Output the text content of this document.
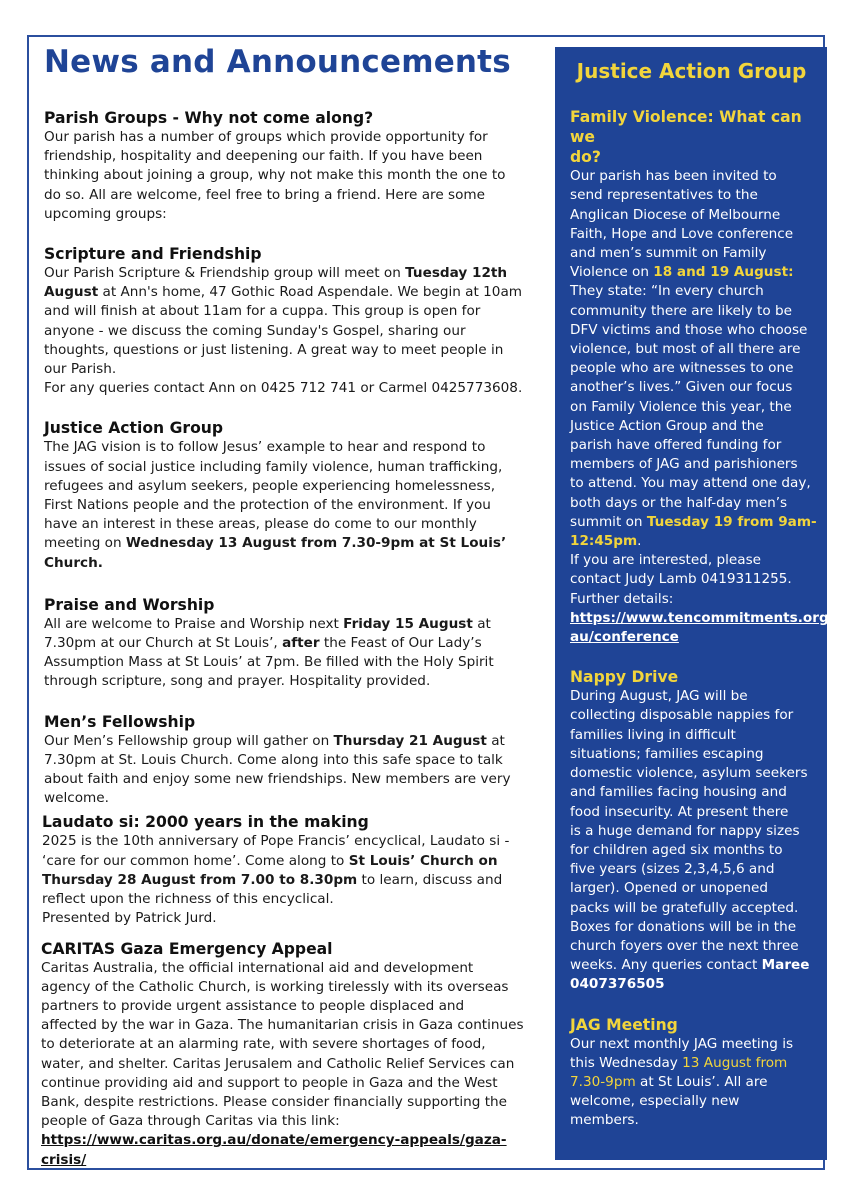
News and Announcements
Parish Groups - Why not come along?

Our parish has a number of groups which provide opportunity for
friendship, hospitality and deepening our faith. If you have been
thinking about joining a group, why not make this month the one to
do so. All are welcome, feel free to bring a friend. Here are some
upcoming groups:

Scripture and Friendship

Our Parish Scripture & Friendship group will meet on Tuesday 12th
August at Ann's home, 47 Gothic Road Aspendale. We begin at 10am
and will finish at about 11am for a cuppa. This group is open for
anyone - we discuss the coming Sunday's Gospel, sharing our
thoughts, questions or just listening. A great way to meet people in
our Parish.
For any queries contact Ann on 0425 712 741 or Carmel 0425773608.

Justice Action Group

The JAG vision is to follow Jesus’ example to hear and respond to
issues of social justice including family violence, human trafficking,
refugees and asylum seekers, people experiencing homelessness,
First Nations people and the protection of the environment. If you
have an interest in these areas, please do come to our monthly
meeting on Wednesday 13 August from 7.30-9pm at St Louis’
Church.

Praise and Worship

All are welcome to Praise and Worship next Friday 15 August at
7.30pm at our Church at St Louis’, after the Feast of Our Lady’s
Assumption Mass at St Louis’ at 7pm. Be filled with the Holy Spirit
through scripture, song and prayer. Hospitality provided.

Men’s Fellowship

Our Men’s Fellowship group will gather on Thursday 21 August at
7.30pm at St. Louis Church. Come along into this safe space to talk
about faith and enjoy some new friendships. New members are very
welcome.

Laudato si: 2000 years in the making

2025 is the 10th anniversary of Pope Francis’ encyclical, Laudato si -
‘care for our common home’. Come along to St Louis’ Church on
Thursday 28 August from 7.00 to 8.30pm to learn, discuss and
reflect upon the richness of this encyclical.
Presented by Patrick Jurd.

CARITAS Gaza Emergency Appeal

Caritas Australia, the official international aid and development
agency of the Catholic Church, is working tirelessly with its overseas
partners to provide urgent assistance to people displaced and
affected by the war in Gaza. The humanitarian crisis in Gaza continues
to deteriorate at an alarming rate, with severe shortages of food,
water, and shelter. Caritas Jerusalem and Catholic Relief Services can
continue providing aid and support to people in Gaza and the West
Bank, despite restrictions. Please consider financially supporting the
people of Gaza through Caritas via this link:
https://www.caritas.org.au/donate/emergency-appeals/gaza-crisis/

Justice Action Group
Family Violence: What can we
do?

Our parish has been invited to
send representatives to the
Anglican Diocese of Melbourne
Faith, Hope and Love conference
and men’s summit on Family
Violence on 18 and 19 August:
They state: “In every church
community there are likely to be
DFV victims and those who choose
violence, but most of all there are
people who are witnesses to one
another’s lives.” Given our focus
on Family Violence this year, the
Justice Action Group and the
parish have offered funding for
members of JAG and parishioners
to attend. You may attend one day,
both days or the half-day men’s
summit on Tuesday 19 from 9am-
12:45pm.
If you are interested, please
contact Judy Lamb 0419311255.
Further details:
https://www.tencommitments.org.
au/conference

Nappy Drive

During August, JAG will be
collecting disposable nappies for
families living in difficult
situations; families escaping
domestic violence, asylum seekers
and families facing housing and
food insecurity. At present there
is a huge demand for nappy sizes
for children aged six months to
five years (sizes 2,3,4,5,6 and
larger). Opened or unopened
packs will be gratefully accepted.
Boxes for donations will be in the
church foyers over the next three
weeks. Any queries contact Maree
0407376505

JAG Meeting

Our next monthly JAG meeting is
this Wednesday 13 August from
7.30-9pm at St Louis’. All are
welcome, especially new
members.
